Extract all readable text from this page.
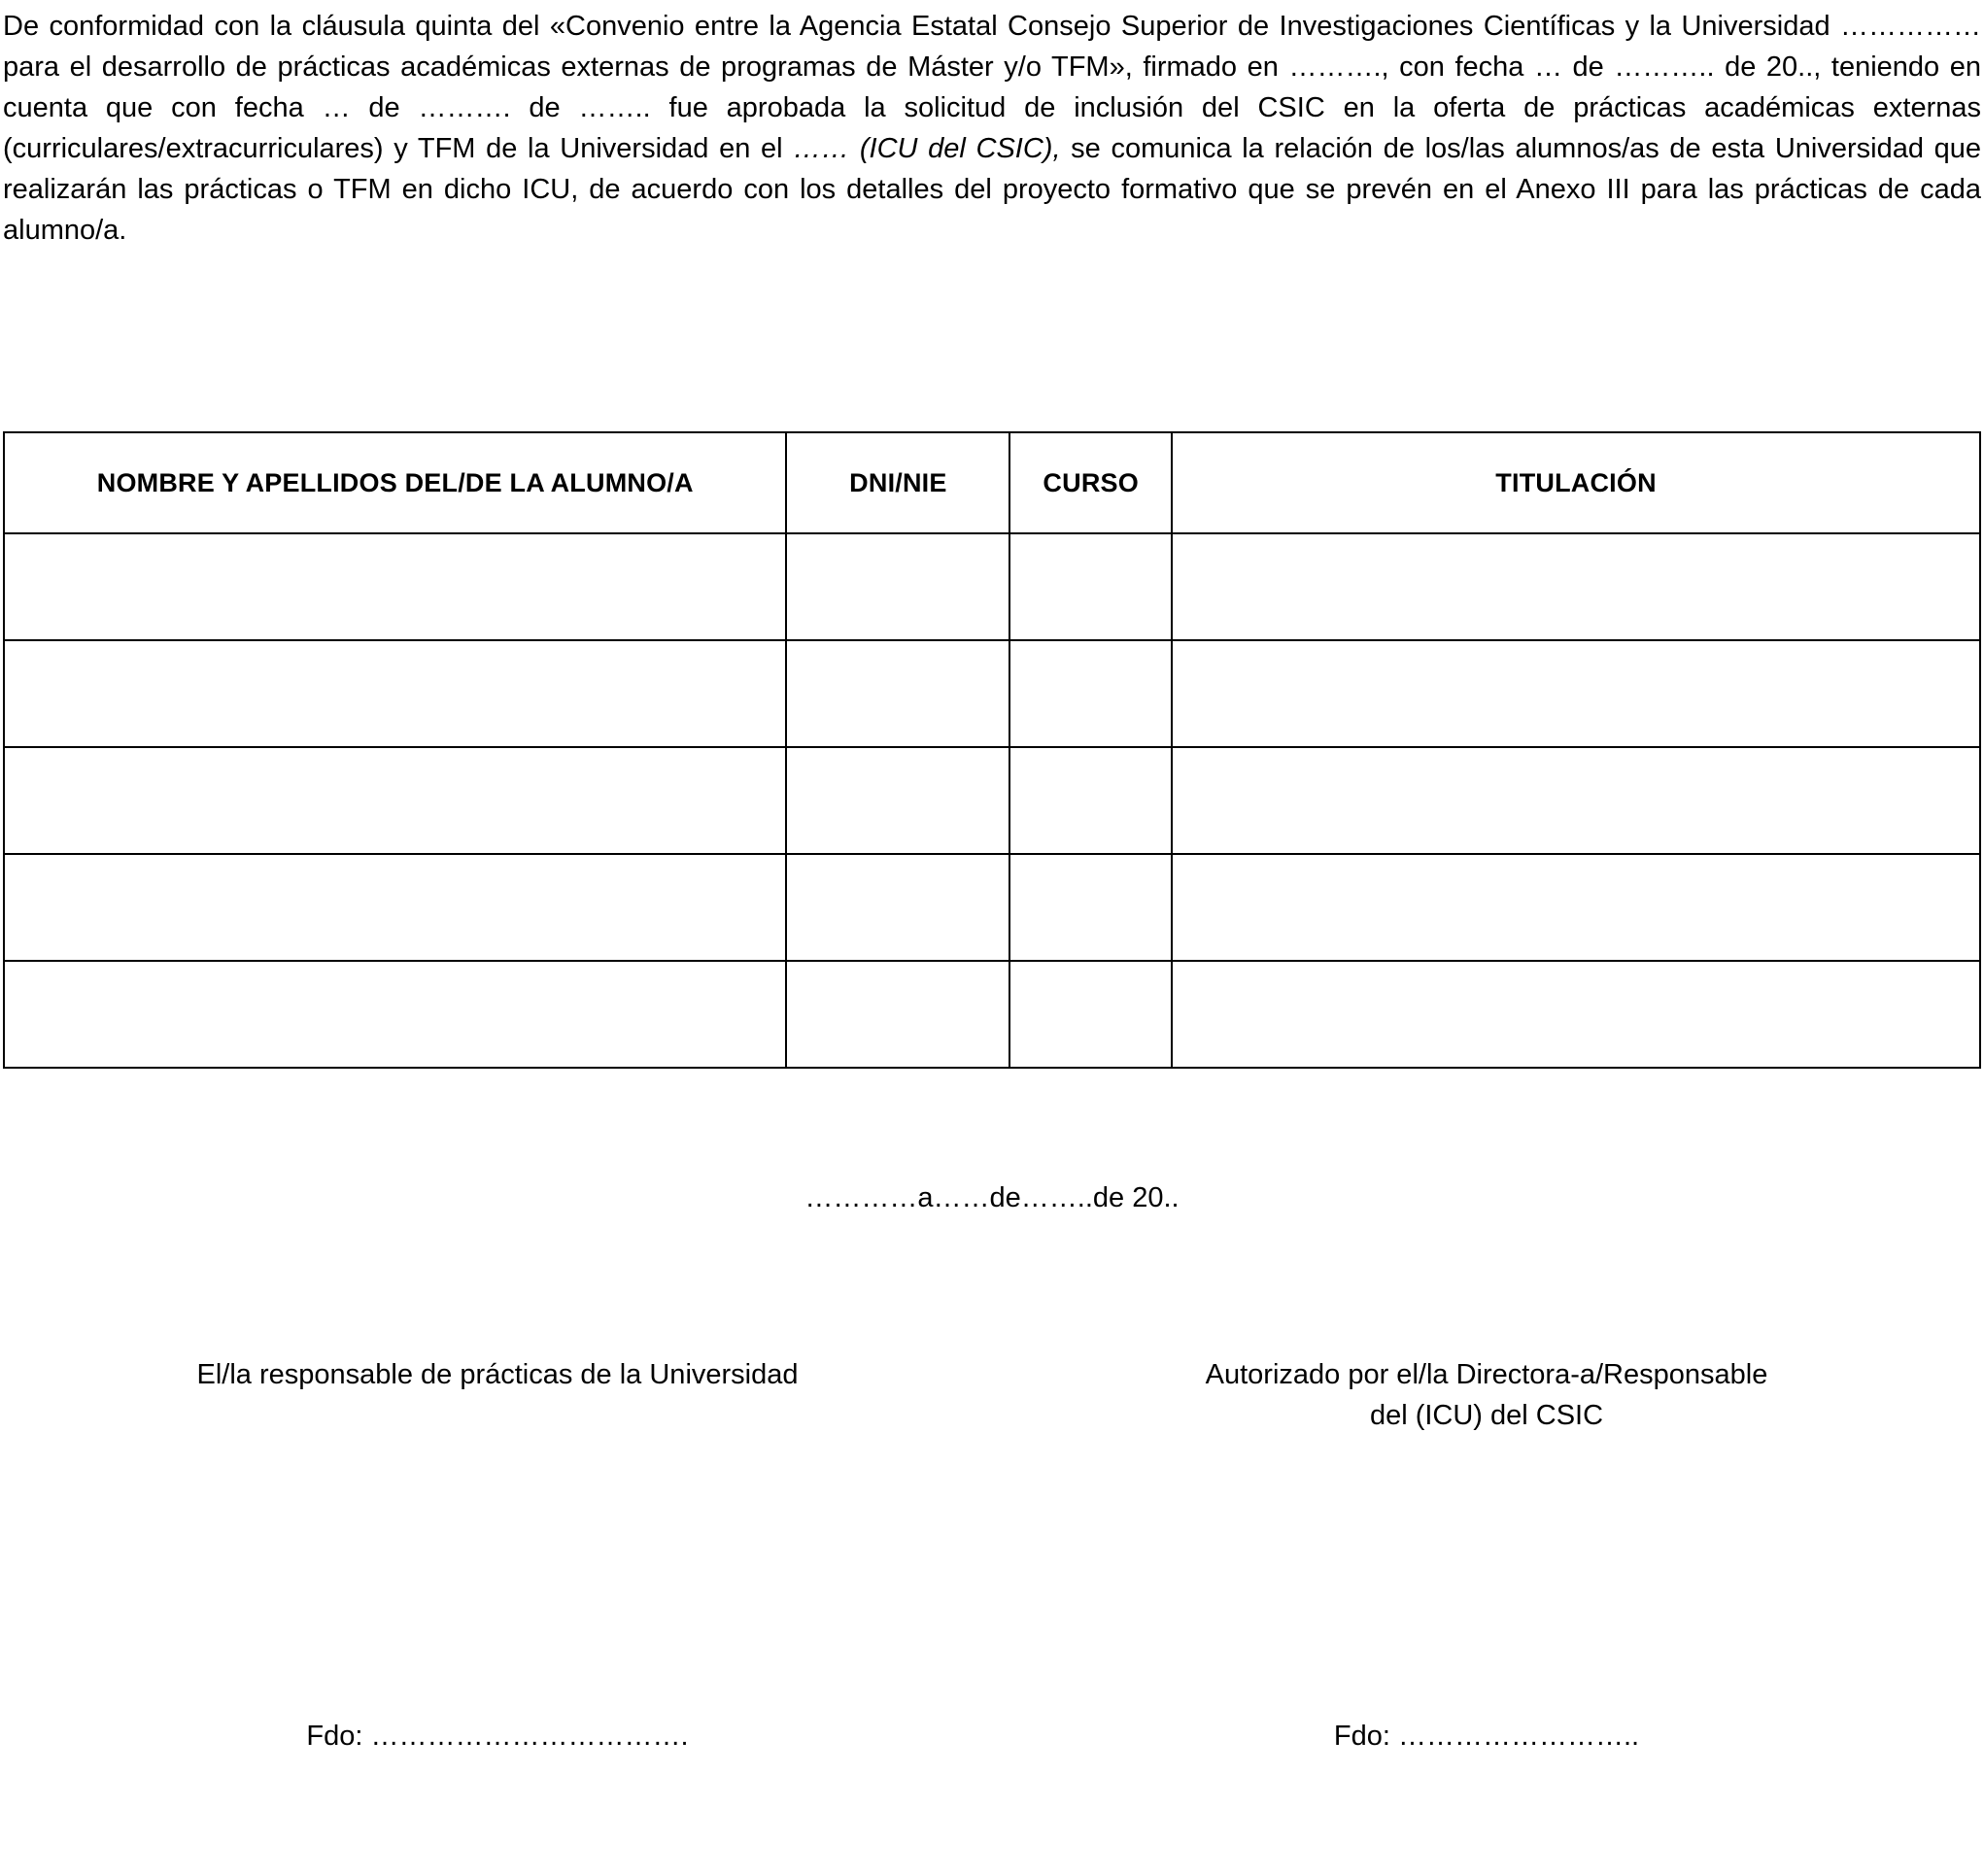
De conformidad con la cláusula quinta del «Convenio entre la Agencia Estatal Consejo Superior de Investigaciones Científicas y la Universidad …………… para el desarrollo de prácticas académicas externas de programas de Máster y/o TFM», firmado en ………., con fecha … de ……….. de 20.., teniendo en cuenta que con fecha … de ………. de …….. fue aprobada la solicitud de inclusión del CSIC en la oferta de prácticas académicas externas (curriculares/extracurriculares) y TFM de la Universidad en el …… (ICU del CSIC), se comunica la relación de los/las alumnos/as de esta Universidad que realizarán las prácticas o TFM en dicho ICU, de acuerdo con los detalles del proyecto formativo que se prevén en el Anexo III para las prácticas de cada alumno/a.

NOMBRE Y APELLIDOS DEL/DE LA ALUMNO/A	DNI/NIE	CURSO	TITULACIÓN

…………a……de……..de 20..
El/la responsable de prácticas de la Universidad	Autorizado por el/la Directora-a/Responsable
del (ICU) del CSIC
Fdo: …………………………….	Fdo: ……………………..
